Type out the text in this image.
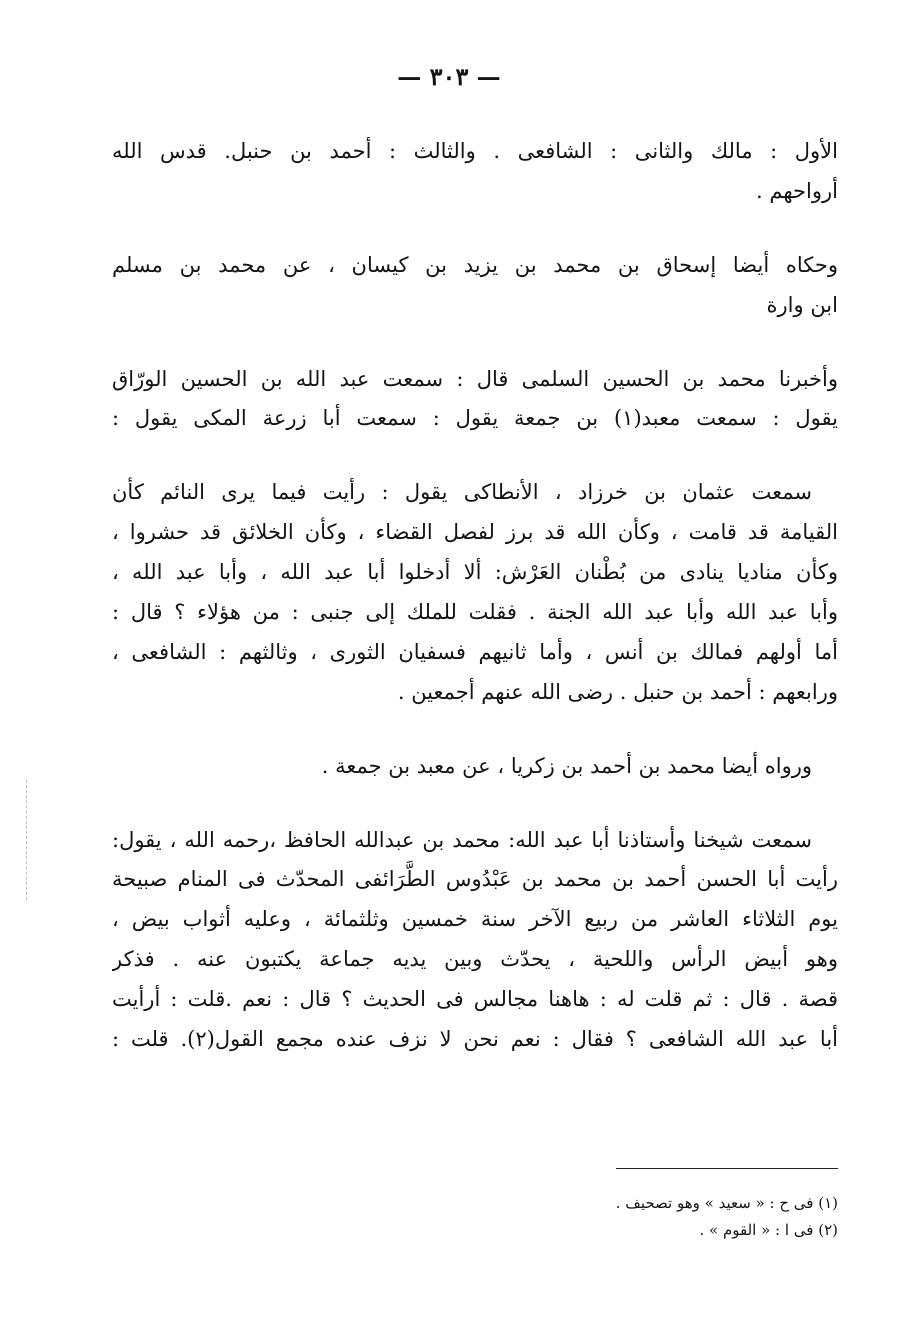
— ٣٠٣ —
الأول : مالك والثانى : الشافعى . والثالث : أحمد بن حنبل. قدس الله
أرواحهم .
وحكاه أيضا إسحاق بن محمد بن يزيد بن كيسان ، عن محمد بن مسلم
ابن وارة
وأخبرنا محمد بن الحسين السلمى قال : سمعت عبد الله بن الحسين الورّاق
يقول : سمعت معبد(١) بن جمعة يقول : سمعت أبا زرعة المكى يقول :
سمعت عثمان بن خرزاد ، الأنطاكى يقول : رأيت فيما يرى النائم كأن
القيامة قد قامت ، وكأن الله قد برز لفصل القضاء ، وكأن الخلائق قد حشروا ،
وكأن مناديا ينادى من بُطْنان العَرْش: ألا أدخلوا أبا عبد الله ، وأبا عبد الله ،
وأبا عبد الله وأبا عبد الله الجنة . فقلت للملك إلى جنبى : من هؤلاء ؟ قال :
أما أولهم فمالك بن أنس ، وأما ثانيهم فسفيان الثورى ، وثالثهم : الشافعى ،
ورابعهم : أحمد بن حنبل . رضى الله عنهم أجمعين .
ورواه أيضا محمد بن أحمد بن زكريا ، عن معبد بن جمعة .
سمعت شيخنا وأستاذنا أبا عبد الله: محمد بن عبدالله الحافظ ،رحمه الله ، يقول:
رأيت أبا الحسن أحمد بن محمد بن عَبْدُوس الطَّرَائفى المحدّث فى المنام صبيحة
يوم الثلاثاء العاشر من ربيع الآخر سنة خمسين وثلثمائة ، وعليه أثواب بيض ،
وهو أبيض الرأس واللحية ، يحدّث وبين يديه جماعة يكتبون عنه . فذكر
قصة . قال : ثم قلت له : هاهنا مجالس فى الحديث ؟ قال : نعم .قلت : أرأيت
أبا عبد الله الشافعى ؟ فقال : نعم نحن لا نزف عنده مجمع القول(٢). قلت :
(١) فى ح : « سعيد » وهو تصحيف .
(٢) فى ا : « القوم » .
